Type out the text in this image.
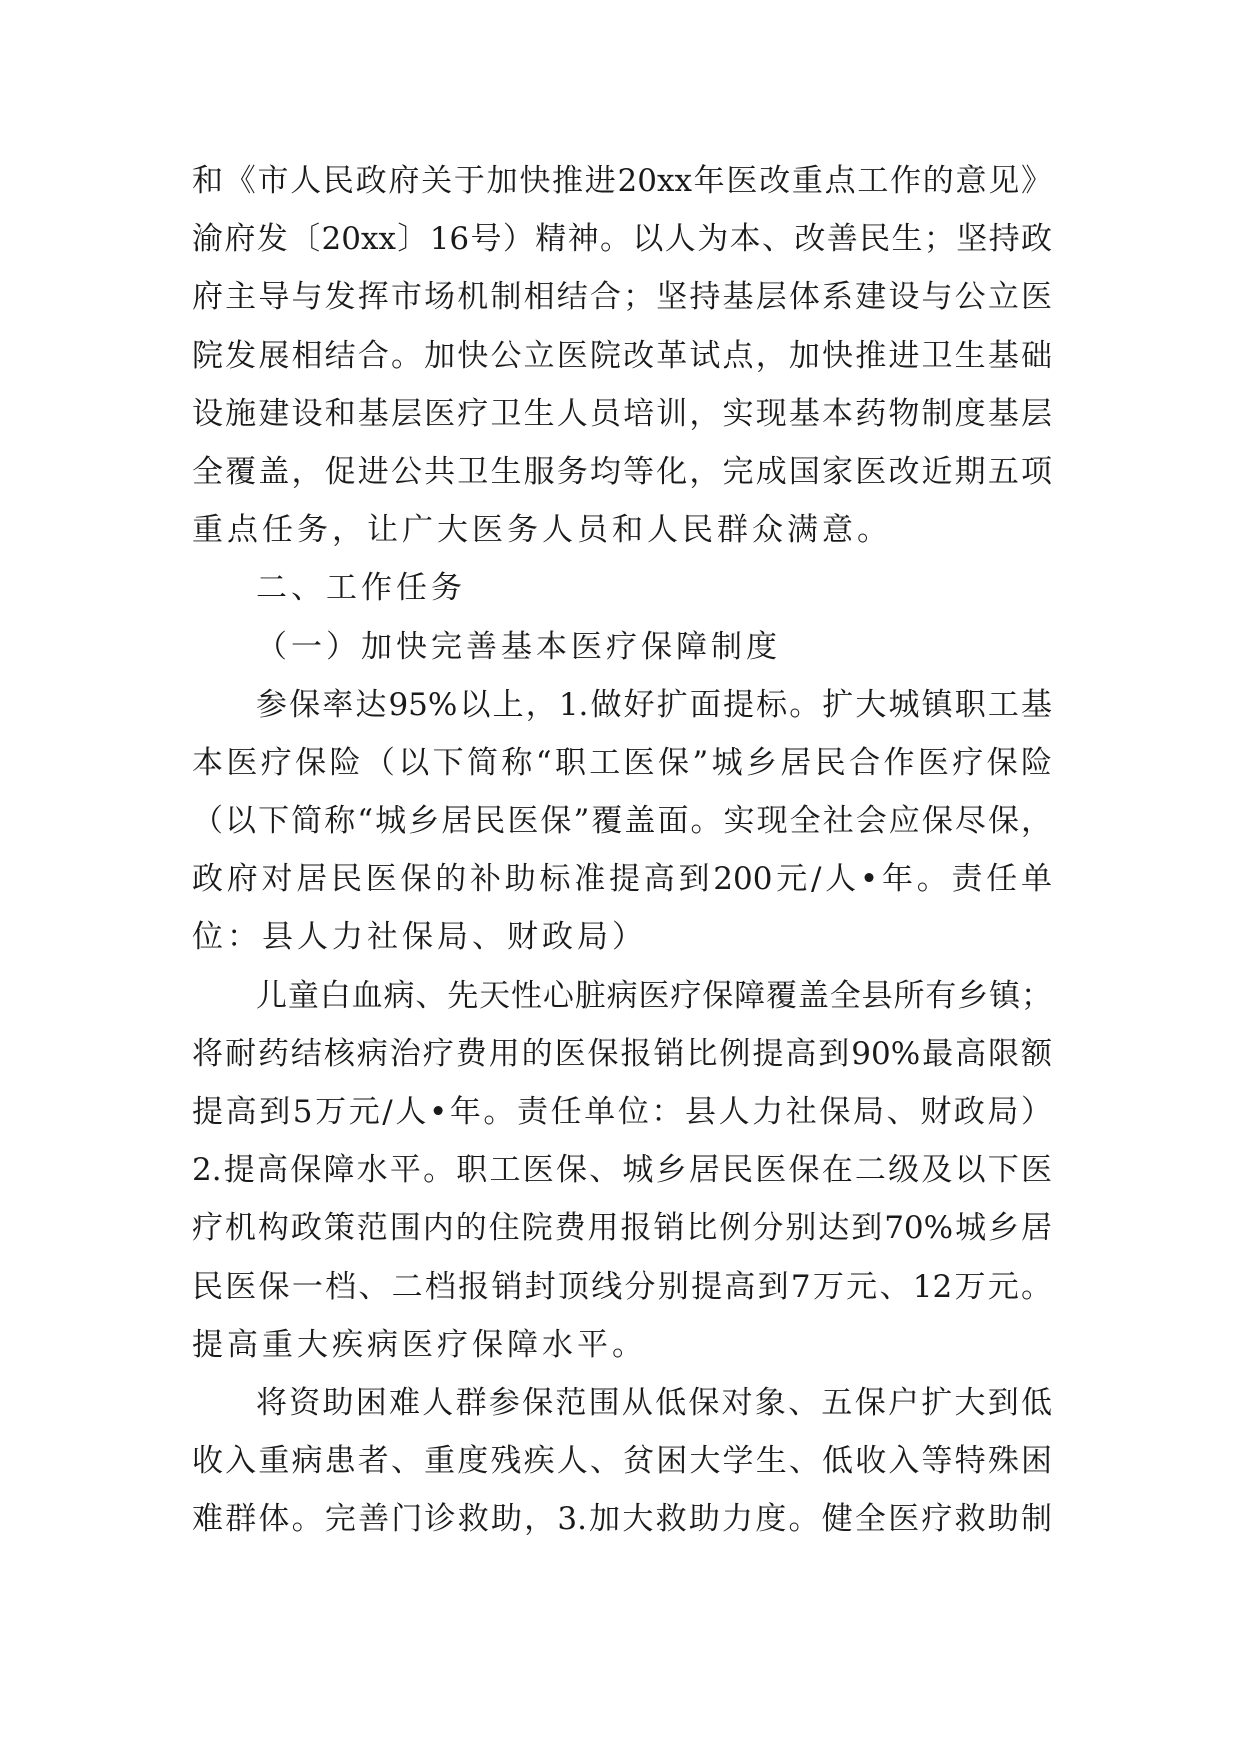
和《市人民政府关于加快推进20xx年医改重点工作的意见》
渝府发〔20xx〕16号）精神。以人为本、改善民生；坚持政
府主导与发挥市场机制相结合；坚持基层体系建设与公立医
院发展相结合。加快公立医院改革试点，加快推进卫生基础
设施建设和基层医疗卫生人员培训，实现基本药物制度基层
全覆盖，促进公共卫生服务均等化，完成国家医改近期五项
重点任务，让广大医务人员和人民群众满意。
二、工作任务
（一）加快完善基本医疗保障制度
参保率达95%以上，1.做好扩面提标。扩大城镇职工基
本医疗保险（以下简称“职工医保”城乡居民合作医疗保险
（以下简称“城乡居民医保”覆盖面。实现全社会应保尽保，
政府对居民医保的补助标准提高到200元/人•年。责任单
位：县人力社保局、财政局）
儿童白血病、先天性心脏病医疗保障覆盖全县所有乡镇；
将耐药结核病治疗费用的医保报销比例提高到90%最高限额
提高到5万元/人•年。责任单位：县人力社保局、财政局）
2.提高保障水平。职工医保、城乡居民医保在二级及以下医
疗机构政策范围内的住院费用报销比例分别达到70%城乡居
民医保一档、二档报销封顶线分别提高到7万元、12万元。
提高重大疾病医疗保障水平。
将资助困难人群参保范围从低保对象、五保户扩大到低
收入重病患者、重度残疾人、贫困大学生、低收入等特殊困
难群体。完善门诊救助，3.加大救助力度。健全医疗救助制
